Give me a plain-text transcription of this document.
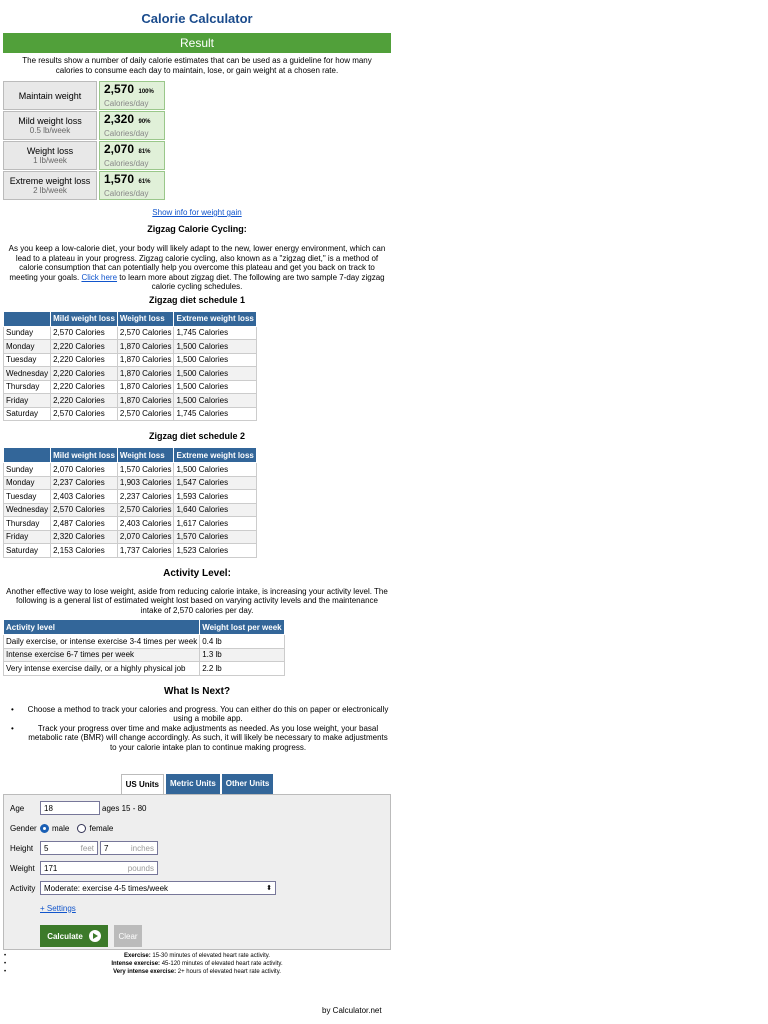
Calorie Calculator
Result
The results show a number of daily calorie estimates that can be used as a guideline for how many calories to consume each day to maintain, lose, or gain weight at a chosen rate.
Maintain weight	2,570 100%
Calories/day
Mild weight loss
0.5 lb/week
2,320 90%
Calories/day
Weight loss
1 lb/week
2,070 81%
Calories/day
Extreme weight loss
2 lb/week
1,570 61%
Calories/day
Show info for weight gain
Zigzag Calorie Cycling:

As you keep a low-calorie diet, your body will likely adapt to the new, lower energy environment, which can lead to a plateau in your progress. Zigzag calorie cycling, also known as a "zigzag diet," is a method of calorie consumption that can potentially help you overcome this plateau and get you back on track to meeting your goals. Click here to learn more about zigzag diet. The following are two sample 7-day zigzag calorie cycling schedules.

Zigzag diet schedule 1
	Mild weight loss	Weight loss	Extreme weight loss
Sunday	2,570 Calories	2,570 Calories	1,745 Calories
Monday	2,220 Calories	1,870 Calories	1,500 Calories
Tuesday	2,220 Calories	1,870 Calories	1,500 Calories
Wednesday	2,220 Calories	1,870 Calories	1,500 Calories
Thursday	2,220 Calories	1,870 Calories	1,500 Calories
Friday	2,220 Calories	1,870 Calories	1,500 Calories
Saturday	2,570 Calories	2,570 Calories	1,745 Calories
Zigzag diet schedule 2
	Mild weight loss	Weight loss	Extreme weight loss
Sunday	2,070 Calories	1,570 Calories	1,500 Calories
Monday	2,237 Calories	1,903 Calories	1,547 Calories
Tuesday	2,403 Calories	2,237 Calories	1,593 Calories
Wednesday	2,570 Calories	2,570 Calories	1,640 Calories
Thursday	2,487 Calories	2,403 Calories	1,617 Calories
Friday	2,320 Calories	2,070 Calories	1,570 Calories
Saturday	2,153 Calories	1,737 Calories	1,523 Calories
Activity Level:

Another effective way to lose weight, aside from reducing calorie intake, is increasing your activity level. The following is a general list of estimated weight lost based on varying activity levels and the maintenance intake of 2,570 calories per day.

Activity level	Weight lost per week
Daily exercise, or intense exercise 3-4 times per week	0.4 lb
Intense exercise 6-7 times per week	1.3 lb
Very intense exercise daily, or a highly physical job	2.2 lb
What Is Next?
• Choose a method to track your calories and progress. You can either do this on paper or electronically using a mobile app.
• Track your progress over time and make adjustments as needed. As you lose weight, your basal metabolic rate (BMR) will change accordingly. As such, it will likely be necessary to make adjustments to your calorie intake plan to continue making progress.
US Units	Metric Units	Other Units
Age	18	ages 15 - 80
Gender male	female
Height	5	feet 7	inches
Weight	171	pounds
Activity	Moderate: exercise 4-5 times/week	⬍
+ Settings
Calculate	Clear
• Exercise: 15-30 minutes of elevated heart rate activity.
• Intense exercise: 45-120 minutes of elevated heart rate activity.
• Very intense exercise: 2+ hours of elevated heart rate activity.
by Calculator.net
